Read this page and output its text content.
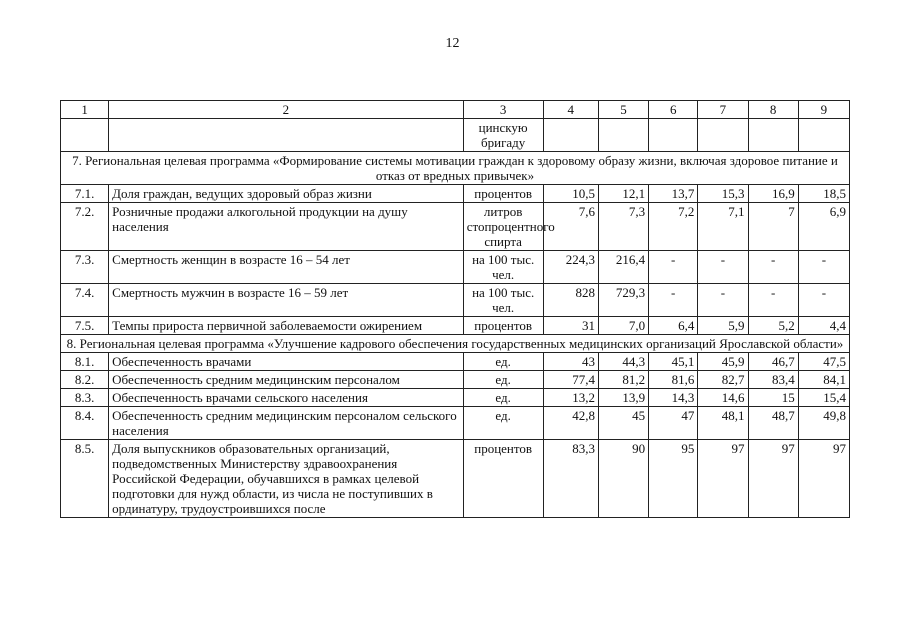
12
1	2	3	4	5	6	7	8	9
		цинскую бригаду						
7. Региональная целевая программа «Формирование системы мотивации граждан к здоровому образу жизни, включая здоровое питание и отказ от вредных привычек»								
7.1.	Доля граждан, ведущих здоровый образ жизни	процентов	10,5	12,1	13,7	15,3	16,9	18,5
7.2.	Розничные продажи алкогольной продукции на душу населения	литров стопроцентного спирта	7,6	7,3	7,2	7,1	7	6,9
7.3.	Смертность женщин в возрасте 16 – 54 лет	на 100 тыс. чел.	224,3	216,4	-	-	-	-
7.4.	Смертность мужчин в возрасте 16 – 59 лет	на 100 тыс. чел.	828	729,3	-	-	-	-
7.5.	Темпы прироста первичной заболеваемости ожирением	процентов	31	7,0	6,4	5,9	5,2	4,4
8. Региональная целевая программа «Улучшение кадрового обеспечения государственных медицинских организаций Ярославской области»								
8.1.	Обеспеченность врачами	ед.	43	44,3	45,1	45,9	46,7	47,5
8.2.	Обеспеченность средним медицинским персоналом	ед.	77,4	81,2	81,6	82,7	83,4	84,1
8.3.	Обеспеченность врачами сельского населения	ед.	13,2	13,9	14,3	14,6	15	15,4
8.4.	Обеспеченность средним медицинским персоналом сельского населения	ед.	42,8	45	47	48,1	48,7	49,8
8.5.	Доля выпускников образовательных организаций, подведомственных Министерству здравоохранения Российской Федерации, обучавшихся в рамках целевой подготовки для нужд области, из числа не поступивших в ординатуру, трудоустроившихся после	процентов	83,3	90	95	97	97	97
